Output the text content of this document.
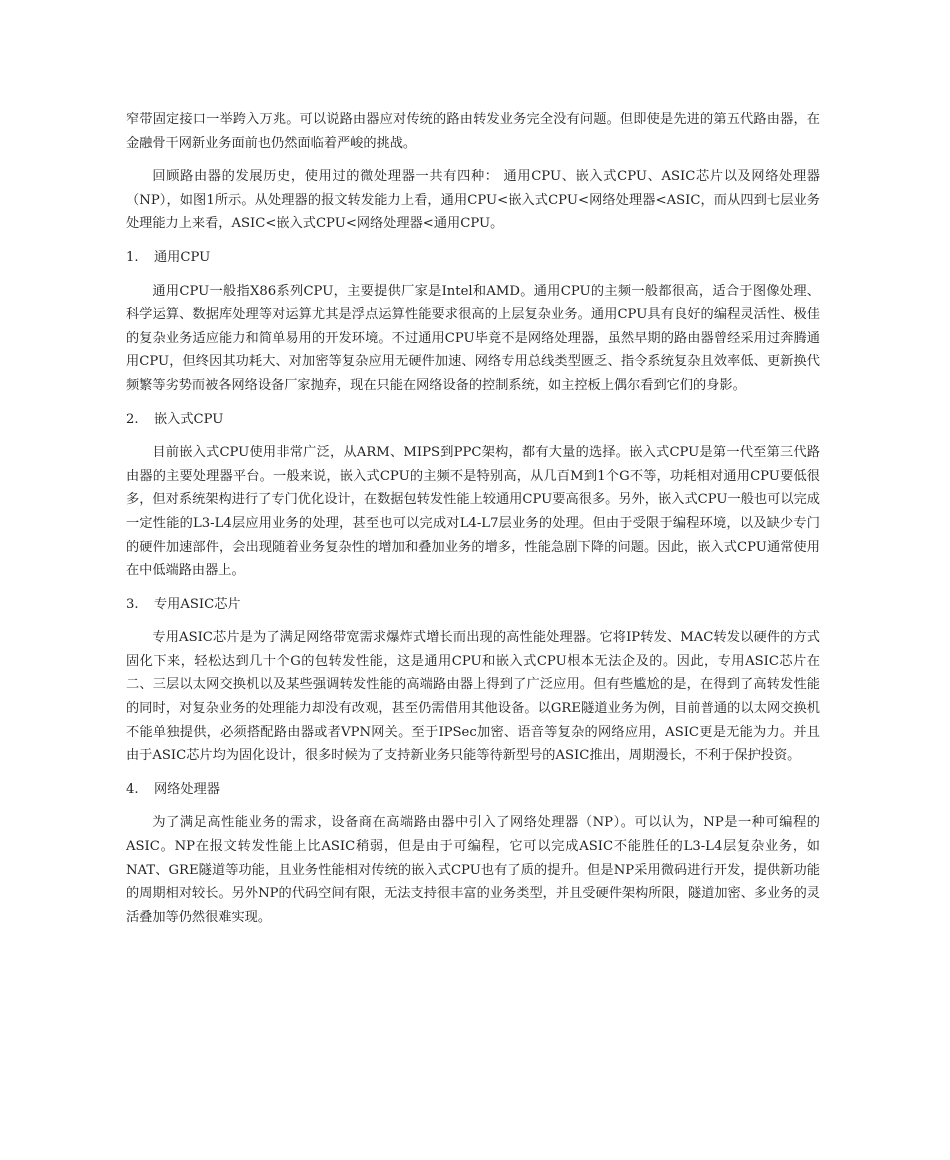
窄带固定接口一举跨入万兆。可以说路由器应对传统的路由转发业务完全没有问题。但即使是先进的第五代路由器，在金融骨干网新业务面前也仍然面临着严峻的挑战。

回顾路由器的发展历史，使用过的微处理器一共有四种： 通用CPU、嵌入式CPU、ASIC芯片以及网络处理器（NP），如图1所示。从处理器的报文转发能力上看，通用CPU<嵌入式CPU<网络处理器<ASIC，而从四到七层业务处理能力上来看，ASIC<嵌入式CPU<网络处理器<通用CPU。

1.	通用CPU

通用CPU一般指X86系列CPU，主要提供厂家是Intel和AMD。通用CPU的主频一般都很高，适合于图像处理、科学运算、数据库处理等对运算尤其是浮点运算性能要求很高的上层复杂业务。通用CPU具有良好的编程灵活性、极佳的复杂业务适应能力和简单易用的开发环境。不过通用CPU毕竟不是网络处理器，虽然早期的路由器曾经采用过奔腾通用CPU，但终因其功耗大、对加密等复杂应用无硬件加速、网络专用总线类型匮乏、指令系统复杂且效率低、更新换代频繁等劣势而被各网络设备厂家抛弃，现在只能在网络设备的控制系统，如主控板上偶尔看到它们的身影。

2.	嵌入式CPU

目前嵌入式CPU使用非常广泛，从ARM、MIPS到PPC架构，都有大量的选择。嵌入式CPU是第一代至第三代路由器的主要处理器平台。一般来说，嵌入式CPU的主频不是特别高，从几百M到1个G不等，功耗相对通用CPU要低很多，但对系统架构进行了专门优化设计，在数据包转发性能上较通用CPU要高很多。另外，嵌入式CPU一般也可以完成一定性能的L3-L4层应用业务的处理，甚至也可以完成对L4-L7层业务的处理。但由于受限于编程环境，以及缺少专门的硬件加速部件，会出现随着业务复杂性的增加和叠加业务的增多，性能急剧下降的问题。因此，嵌入式CPU通常使用在中低端路由器上。

3.	专用ASIC芯片

专用ASIC芯片是为了满足网络带宽需求爆炸式增长而出现的高性能处理器。它将IP转发、MAC转发以硬件的方式固化下来，轻松达到几十个G的包转发性能，这是通用CPU和嵌入式CPU根本无法企及的。因此，专用ASIC芯片在二、三层以太网交换机以及某些强调转发性能的高端路由器上得到了广泛应用。但有些尴尬的是，在得到了高转发性能的同时，对复杂业务的处理能力却没有改观，甚至仍需借用其他设备。以GRE隧道业务为例，目前普通的以太网交换机不能单独提供，必须搭配路由器或者VPN网关。至于IPSec加密、语音等复杂的网络应用，ASIC更是无能为力。并且由于ASIC芯片均为固化设计，很多时候为了支持新业务只能等待新型号的ASIC推出，周期漫长，不利于保护投资。

4.	网络处理器

为了满足高性能业务的需求，设备商在高端路由器中引入了网络处理器（NP）。可以认为，NP是一种可编程的ASIC。NP在报文转发性能上比ASIC稍弱，但是由于可编程，它可以完成ASIC不能胜任的L3-L4层复杂业务，如NAT、GRE隧道等功能，且业务性能相对传统的嵌入式CPU也有了质的提升。但是NP采用微码进行开发，提供新功能的周期相对较长。另外NP的代码空间有限，无法支持很丰富的业务类型，并且受硬件架构所限，隧道加密、多业务的灵活叠加等仍然很难实现。
